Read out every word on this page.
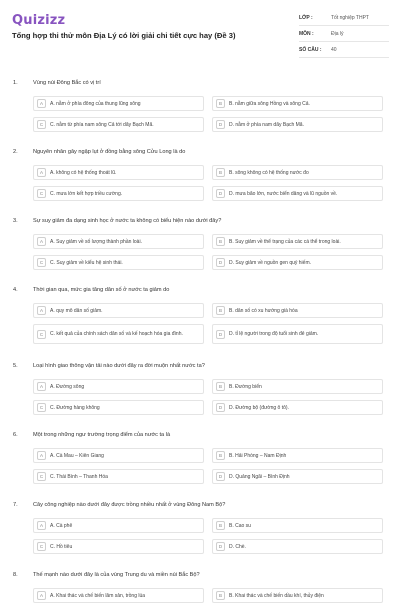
Quizizz
Tổng hợp thi thử môn Địa Lý có lời giải chi tiết cực hay (Đề 3)
LỚP :	Tốt nghiệp THPT
MÔN :	Địa lý
SỐ CÂU :	40
1.	Vùng núi Đông Bắc có vị trí
A	A. nằm ở phía đông của thung lũng sông	B	B. nằm giữa sông Hồng và sông Cả.
C	C. nằm từ phía nam sông Cả tới dãy Bạch Mã.	D	D. nằm ở phía nam dãy Bạch Mã.
2.	Nguyên nhân gây ngập lụt ở đồng bằng sông Cửu Long là do
A	A. không có hệ thống thoát lũ.	B	B. sông không có hệ thống nước đo
C	C. mưa lớn kết hợp triều cường.	D	D. mưa bão lớn, nước biển dâng và lũ nguồn về.
3.	Sự suy giảm đa dạng sinh học ở nước ta không có biểu hiện nào dưới đây?
A	A. Suy giảm về số lượng thành phần loài.	B	B. Suy giảm về thể trạng của các cá thể trong loài.
C	C. Suy giảm về kiểu hệ sinh thái.	D	D. Suy giảm về nguồn gen quý hiếm.
4.	Thời gian qua, mức gia tăng dân số ở nước ta giảm do
A	A. quy mô dân số giảm.	B	B. dân số có xu hướng già hóa
C	C. kết quả của chính sách dân số và kế hoạch hóa gia đình.	D	D. tỉ lệ người trong độ tuổi sinh đẻ giảm.
5.	Loại hình giao thông vận tải nào dưới đây ra đời muộn nhất nước ta?
A	A. Đường sông	B	B. Đường biển
C	C. Đường hàng không	D	D. Đường bộ (đường ô tô).
6.	Một trong những ngư trường trọng điểm của nước ta là
A	A. Cà Mau – Kiên Giang	B	B. Hải Phòng – Nam Định
C	C. Thái Bình – Thanh Hóa	D	D. Quảng Ngãi – Bình Định
7.	Cây công nghiệp nào dưới đây được trồng nhiều nhất ở vùng Đông Nam Bộ?
A	A. Cà phê	B	B. Cao su
C	C. Hồ tiêu	D	D. Chè.
8.	Thế mạnh nào dưới đây là của vùng Trung du và miền núi Bắc Bộ?
A	A. Khai thác và chế biến lâm sản, trồng lúa	B	B. Khai thác và chế biến dầu khí, thủy điện
